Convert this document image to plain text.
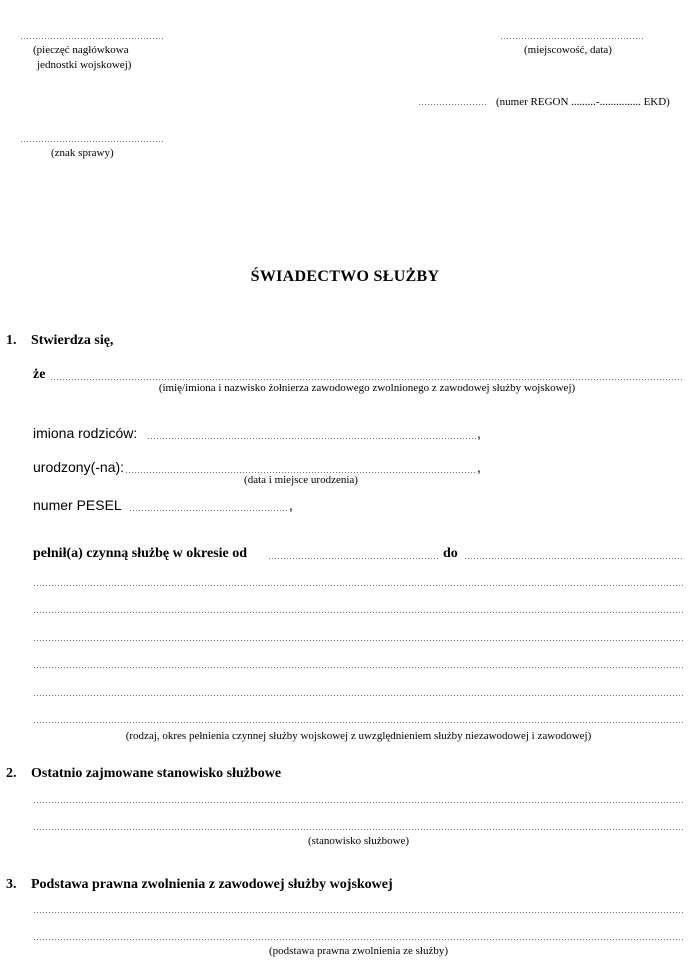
(pieczęć nagłówkowa
jednostki wojskowej)
(miejscowość, data)
(numer REGON .........-............... EKD)
(znak sprawy)
ŚWIADECTWO SŁUŻBY
1. Stwierdza się,
że
(imię/imiona i nazwisko żołnierza zawodowego zwolnionego z zawodowej służby wojskowej)
imiona rodziców:	,
urodzony(-na):	,
(data i miejsce urodzenia)
numer PESEL	,
pełnił(a) czynną służbę w okresie od	do
(rodzaj, okres pełnienia czynnej służby wojskowej z uwzględnieniem służby niezawodowej i zawodowej)
2. Ostatnio zajmowane stanowisko służbowe
(stanowisko służbowe)
3. Podstawa prawna zwolnienia z zawodowej służby wojskowej
(podstawa prawna zwolnienia ze służby)
